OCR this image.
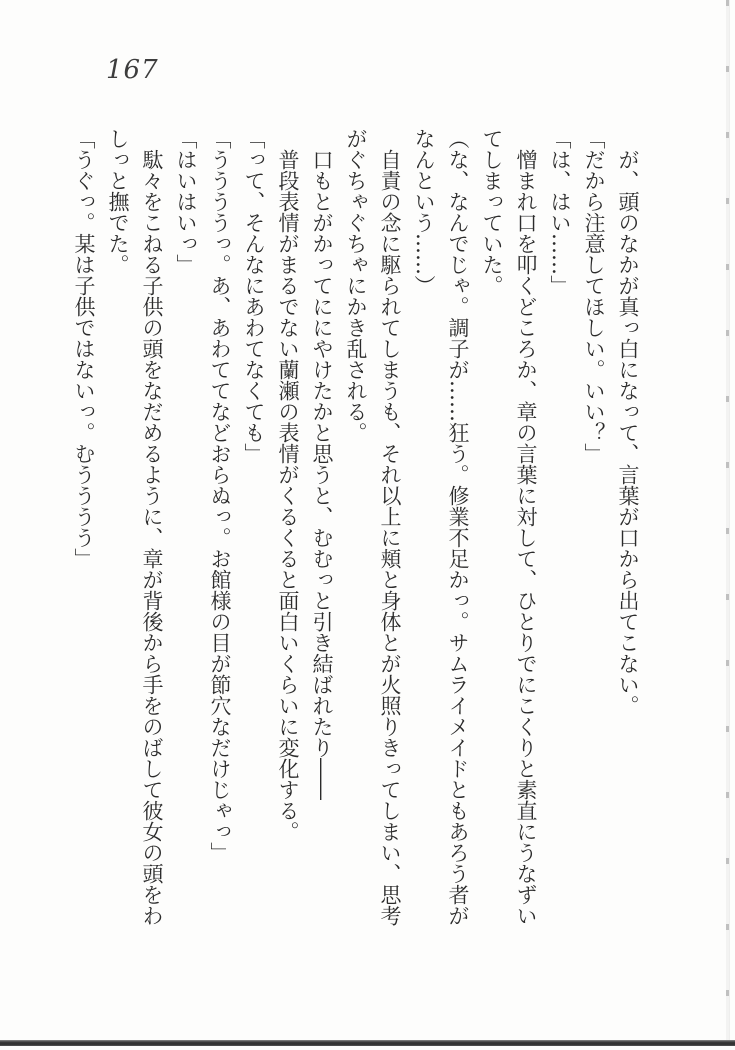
167

が、頭のなかが真っ白になって、言葉が口から出てこない。

「だから注意してほしい。いい？」

「は、はい……」

憎まれ口を叩くどころか、章の言葉に対して、ひとりでにこくりと素直にうなずいてしまっていた。

（な、なんでじゃ。調子が……狂う。修業不足かっ。サムライメイドともあろう者がなんという……）

自責の念に駆られてしまうも、それ以上に頬と身体とが火照りきってしまい、思考がぐちゃぐちゃにかき乱される。

口もとがかってににやけたかと思うと、むむっと引き結ばれたり――

普段表情がまるでない蘭瀬の表情がくるくると面白いくらいに変化する。

「って、そんなにあわてなくても」

「ううううっ。あ、あわててなどおらぬっ。お館様の目が節穴なだけじゃっ」

「はいはいっ」

駄々をこねる子供の頭をなだめるように、章が背後から手をのばして彼女の頭をわしっと撫でた。

「うぐっ。某は子供ではないっ。むうううう」
